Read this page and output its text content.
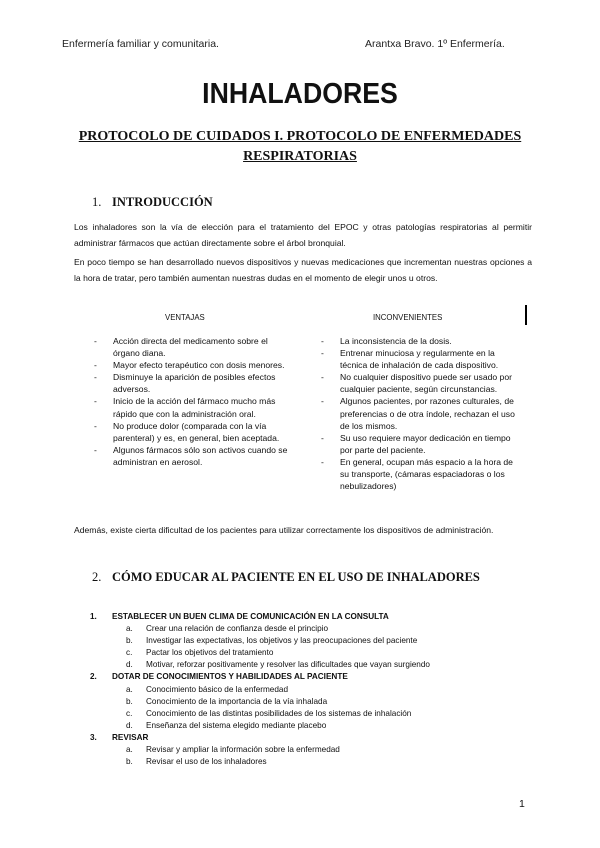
Enfermería familiar y comunitaria.	Arantxa Bravo. 1º Enfermería.

INHALADORES
PROTOCOLO DE CUIDADOS I. PROTOCOLO DE ENFERMEDADES RESPIRATORIAS
1. INTRODUCCIÓN

Los inhaladores son la vía de elección para el tratamiento del EPOC y otras patologías respiratorias al permitir administrar fármacos que actúan directamente sobre el árbol bronquial.

En poco tiempo se han desarrollado nuevos dispositivos y nuevas medicaciones que incrementan nuestras opciones a la hora de tratar, pero también aumentan nuestras dudas en el momento de elegir unos u otros.

VENTAJAS	INCONVENIENTES
- Acción directa del medicamento sobre el órgano diana.
- Mayor efecto terapéutico con dosis menores.
- Disminuye la aparición de posibles efectos adversos.
- Inicio de la acción del fármaco mucho más rápido que con la administración oral.
- No produce dolor (comparada con la vía parenteral) y es, en general, bien aceptada.
- Algunos fármacos sólo son activos cuando se administran en aerosol.
- La inconsistencia de la dosis.
- Entrenar minuciosa y regularmente en la técnica de inhalación de cada dispositivo.
- No cualquier dispositivo puede ser usado por cualquier paciente, según circunstancias.
- Algunos pacientes, por razones culturales, de preferencias o de otra índole, rechazan el uso de los mismos.
- Su uso requiere mayor dedicación en tiempo por parte del paciente.
- En general, ocupan más espacio a la hora de su transporte, (cámaras espaciadoras o los nebulizadores)

Además, existe cierta dificultad de los pacientes para utilizar correctamente los dispositivos de administración.

2. CÓMO EDUCAR AL PACIENTE EN EL USO DE INHALADORES
1. ESTABLECER UN BUEN CLIMA DE COMUNICACIÓN EN LA CONSULTA
a. Crear una relación de confianza desde el principio
b. Investigar las expectativas, los objetivos y las preocupaciones del paciente
c. Pactar los objetivos del tratamiento
d. Motivar, reforzar positivamente y resolver las dificultades que vayan surgiendo
2. DOTAR DE CONOCIMIENTOS Y HABILIDADES AL PACIENTE
a. Conocimiento básico de la enfermedad
b. Conocimiento de la importancia de la vía inhalada
c. Conocimiento de las distintas posibilidades de los sistemas de inhalación
d. Enseñanza del sistema elegido mediante placebo
3. REVISAR
a. Revisar y ampliar la información sobre la enfermedad
b. Revisar el uso de los inhaladores
1
